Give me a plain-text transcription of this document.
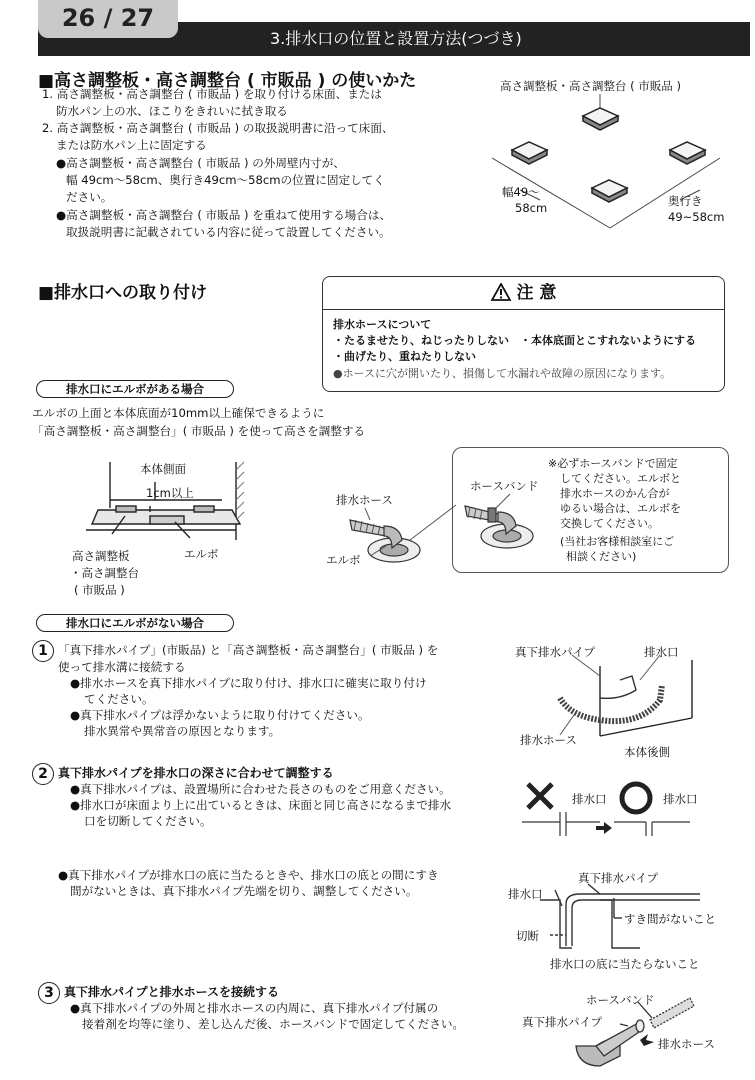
3.排水口の位置と設置方法(つづき)
26 / 27
■高さ調整板・高さ調整台 ( 市販品 ) の使いかた
1. 高さ調整板・高さ調整台 ( 市販品 ) を取り付ける床面、または
防水パン上の水、ほこりをきれいに拭き取る
2. 高さ調整板・高さ調整台 ( 市販品 ) の取扱説明書に沿って床面、
または防水パン上に固定する
●高さ調整板・高さ調整台 ( 市販品 ) の外周壁内寸が、
幅 49cm～58cm、奥行き49cm～58cmの位置に固定してく
ださい。
●高さ調整板・高さ調整台 ( 市販品 ) を重ねて使用する場合は、
取扱説明書に記載されている内容に従って設置してください。
高さ調整板・高さ調整台 ( 市販品 )
幅49～
58cm	奥行き
49~58cm
■排水口への取り付け	注 意
排水ホースについて
・たるませたり、ねじったりしない　・本体底面とこすれないようにする
・曲げたり、重ねたりしない
●ホースに穴が開いたり、損傷して水漏れや故障の原因になります。
排水口にエルボがある場合
エルボの上面と本体底面が10mm以上確保できるように
「高さ調整板・高さ調整台」( 市販品 ) を使って高さを調整する
本体側面
1cm以上
高さ調整板
・高さ調整台
( 市販品 )
エルボ
排水ホース
エルボ
ホースバンド
※必ずホースバンドで固定
してください。エルボと
排水ホースのかん合が
ゆるい場合は、エルボを
交換してください。
(当社お客様相談室にご
相談ください)
排水口にエルボがない場合
1 「真下排水パイプ」(市販品) と「高さ調整板・高さ調整台」( 市販品 ) を
使って排水溝に接続する
●排水ホースを真下排水パイプに取り付け、排水口に確実に取り付け
てください。
●真下排水パイプは浮かないように取り付けてください。
排水異常や異常音の原因となります。
真下排水パイプ	排水口
排水ホース
本体後側
2 真下排水パイプを排水口の深さに合わせて調整する
●真下排水パイプは、設置場所に合わせた長さのものをご用意ください。
●排水口が床面より上に出ているときは、床面と同じ高さになるまで排水
口を切断してください。
●真下排水パイプが排水口の底に当たるときや、排水口の底との間にすき
間がないときは、真下排水パイプ先端を切り、調整してください。
排水口	排水口
真下排水パイプ
排水口
すき間がないこと
切断
排水口の底に当たらないこと
3 真下排水パイプと排水ホースを接続する
●真下排水パイプの外周と排水ホースの内周に、真下排水パイプ付属の
接着剤を均等に塗り、差し込んだ後、ホースバンドで固定してください。
ホースバンド
真下排水パイプ
排水ホース
